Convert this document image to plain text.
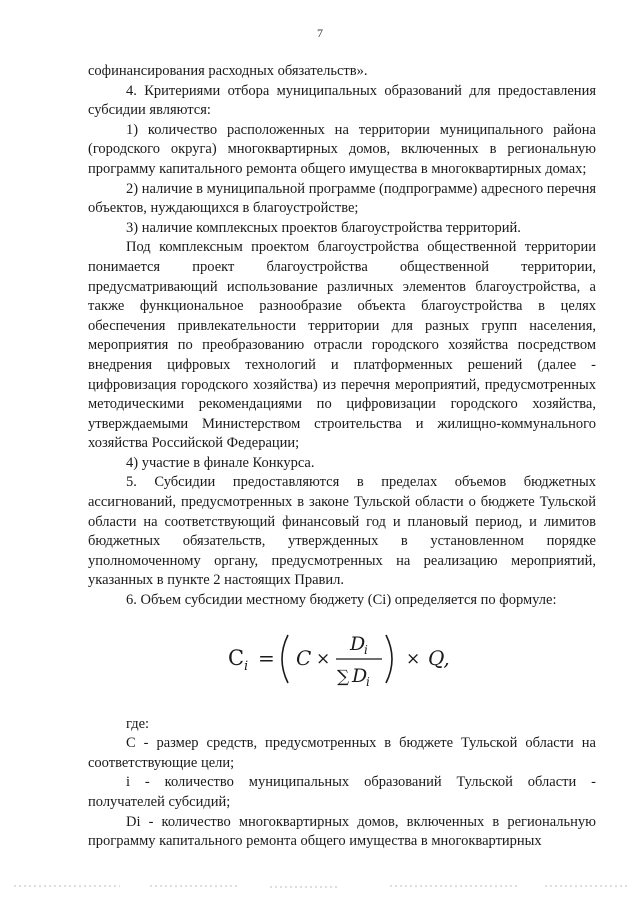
7

софинансирования расходных обязательств».

4. Критериями отбора муниципальных образований для предоставления субсидии являются:

1) количество расположенных на территории муниципального района (городского округа) многоквартирных домов, включенных в региональную программу капитального ремонта общего имущества в многоквартирных домах;

2) наличие в муниципальной программе (подпрограмме) адресного перечня объектов, нуждающихся в благоустройстве;

3) наличие комплексных проектов благоустройства территорий.

Под комплексным проектом благоустройства общественной территории понимается проект благоустройства общественной территории, предусматривающий использование различных элементов благоустройства, а также функциональное разнообразие объекта благоустройства в целях обеспечения привлекательности территории для разных групп населения, мероприятия по преобразованию отрасли городского хозяйства посредством внедрения цифровых технологий и платформенных решений (далее - цифровизация городского хозяйства) из перечня мероприятий, предусмотренных методическими рекомендациями по цифровизации городского хозяйства, утверждаемыми Министерством строительства и жилищно-коммунального хозяйства Российской Федерации;

4) участие в финале Конкурса.

5. Субсидии предоставляются в пределах объемов бюджетных ассигнований, предусмотренных в законе Тульской области о бюджете Тульской области на соответствующий финансовый год и плановый период, и лимитов бюджетных обязательств, утвержденных в установленном порядке уполномоченному органу, предусмотренных на реализацию мероприятий, указанных в пункте 2 настоящих Правил.

6. Объем субсидии местному бюджету (Ci) определяется по формуле:

C i = C ×
D
i
∑ D
i
× Q,

где:

C - размер средств, предусмотренных в бюджете Тульской области на соответствующие цели;

i - количество муниципальных образований Тульской области - получателей субсидий;

Di - количество многоквартирных домов, включенных в региональную программу капитального ремонта общего имущества в многоквартирных
